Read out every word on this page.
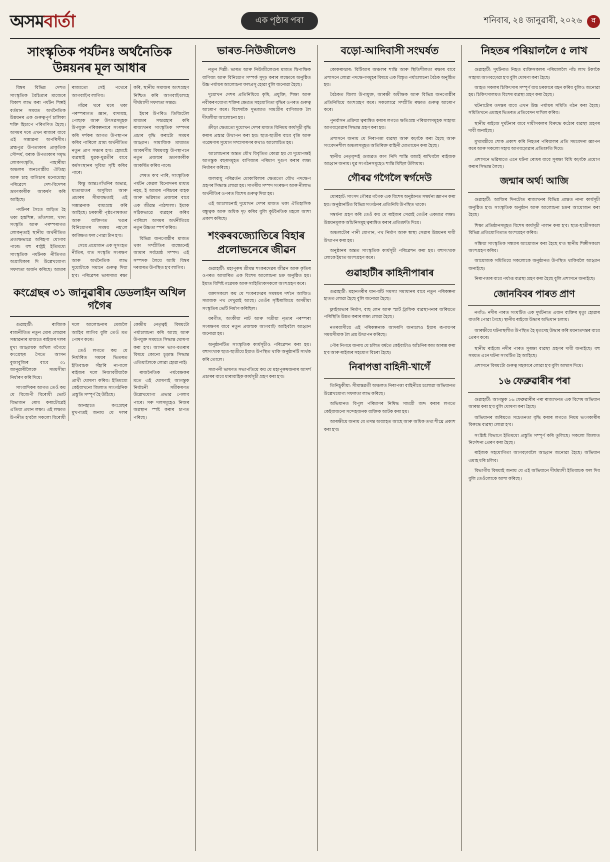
অসমবাৰ্তা	এক পৃষ্ঠাৰ পৰা	শনিবাৰ, ২৪ জানুৱাৰী, ২০২৬	ꠛ
সাংস্কৃতিক পৰ্যটনঃ অৰ্থনৈতিক উন্নয়নৰ মূল আধাৰ

বিশ্বৰ বিভিন্ন দেশত সাংস্কৃতিক বৈচিত্ৰ্যৰ মাজেৰে বিকাশ লাভ কৰা পৰ্যটন শিল্পই বৰ্তমান সময়ত অৰ্থনৈতিক উন্নয়নৰ এক গুৰুত্বপূৰ্ণ চালিকা শক্তি হিচাপে পৰিগণিত হৈছে। অসমৰ দৰে এখন ৰাজ্যৰ বাবে এই সম্ভাৱনা অপৰিসীম। ব্ৰহ্মপুত্ৰ উপত্যকাৰ প্ৰাকৃতিক সৌন্দৰ্য, বৰাক উপত্যকাৰ সমৃদ্ধ লোকসংস্কৃতি, পাহাৰীয়া অঞ্চলৰ জনগোষ্ঠীয় ঐতিহ্য আৰু চাহ বাগিচাৰ মনোমোহা পৰিৱেশে দেশ-বিদেশৰ ভ্ৰমণকাৰীক আকৰ্ষণ কৰি আহিছে।

পৰ্যটনৰ সৈতে জড়িত হৈ থকা হস্তশিল্প, তাঁতশাল, খাদ্য সংস্কৃতি আৰু পৰম্পৰাগত লোকনৃত্যই স্থানীয় অৰ্থনীতিত প্ৰত্যক্ষভাৱে অৰিহণা যোগাব পাৰে। বহু ৰাষ্ট্ৰই ইতিমধ্যে সাংস্কৃতিক পৰ্যটনক নীতিগত অগ্ৰাধিকাৰ দি উল্লেখযোগ্য সফলতা অৰ্জন কৰিছে। আমাৰ ৰাজ্যতো সেই পথেৰে আগবাঢ়িব লাগিব।

গাঁৱৰ ঘৰে ঘৰে থকা পৰম্পৰাগত জ্ঞান, বাদ্যযন্ত্ৰ, পোছাক আৰু উৎসৱসমূহক উপযুক্ত পৰিকল্পনাৰে সংৰক্ষণ কৰি দৰ্শকৰ আগত উপস্থাপন কৰিব পাৰিলে গ্ৰাম্য অৰ্থনীতিত নতুন প্ৰাণ সঞ্চাৰ হ'ব। হোমষ্টে ব্যৱস্থাই যুৱক-যুৱতীৰ বাবে কৰ্মসংস্থানৰ সুবিধা সৃষ্টি কৰিব পাৰে।

কিন্তু আন্তঃগাঁথনিৰ অভাৱ, যাতায়াতৰ অসুবিধা আৰু প্ৰচাৰৰ সীমাবদ্ধতাই এই সম্ভাৱনাক বাধাগ্ৰস্ত কৰি আহিছে। চৰকাৰী পৃষ্ঠপোষকতা আৰু ব্যক্তিগত খণ্ডৰ বিনিয়োগৰ সমন্বয় নহ'লে কাঙ্ক্ষিত ফল পোৱা টান হ'ব।

সেয়ে প্ৰয়োজন এক সুসংহত নীতিৰ, য'ত সংস্কৃতি সংৰক্ষণ আৰু অৰ্থনৈতিক লাভ দুয়োটাকে সমানে গুৰুত্ব দিয়া হ'ব। পৰিৱেশৰ ভাৰসাম্য ৰক্ষা কৰি, স্থানীয় সমাজৰ অংশগ্ৰহণ নিশ্চিত কৰি আগবাঢ়িলেহে দীৰ্ঘম্যাদী সফলতা সম্ভৱ।

ইয়াৰ উপৰিও ডিজিটেল মাধ্যমৰ সদ্ব্যৱহাৰ কৰি ৰাজ্যখনৰ সাংস্কৃতিক সম্পদৰ প্ৰচাৰ বৃদ্ধি কৰাটো সময়ৰ আহ্বান। সামাজিক মাধ্যমত আকৰ্ষণীয় বিষয়বস্তু উপস্থাপনে নতুন প্ৰজন্মৰ ভ্ৰমণকাৰীক আকৰ্ষিত কৰিব পাৰে।

শেষত ক'ব পাৰি, সাংস্কৃতিক পৰ্যটন কেৱল বিনোদনৰ মাধ্যম নহয়, ই আমাৰ পৰিচয়ৰ বাহক আৰু ভৱিষ্যত প্ৰজন্মৰ বাবে এক জীৱন্ত পাঠশালা। ইয়াক সঠিকভাৱে ব্যৱহাৰ কৰিব পাৰিলে অসমৰ অৰ্থনীতিয়ে নতুন উচ্চতা স্পৰ্শ কৰিব।

বিভিন্ন জনগোষ্ঠীৰ মাজত থকা সম্প্ৰীতিৰ বান্ধোনেই আমাৰ সৰ্বশ্ৰেষ্ঠ সম্পদ। এই সম্পদক লৈয়ে আমি বিশ্বৰ দৰবাৰত উপস্থিত হ'ব লাগিব।

কংগ্ৰেছৰ ৩১ জানুৱাৰীৰ ডেডলাইন অখিল গগৈৰ

গুৱাহাটী: ৰাজ্যিক ৰাজনীতিত নতুন মোৰ লোৱাৰ সম্ভাৱনাৰ মাজতে ৰাইজৰ দলৰ মুখ্য আহ্বায়ক অখিল গগৈয়ে কংগ্ৰেছৰ সৈতে আসন বুজাবুজিৰ বাবে ৩১ জানুৱাৰীলৈকে সময়সীমা নিৰ্ধাৰণ কৰি দিয়ে।

সাংবাদিকৰ আগত তেওঁ কয় যে বিজেপী বিৰোধী ভোট বিভাজন ৰোধ কৰাটোৱেই এতিয়া প্ৰধান লক্ষ্য। এই লক্ষ্যত উপনীত হ'বলৈ সকলো বিৰোধী দলে আলোচনাৰ মেজলৈ আহিব লাগিব বুলি তেওঁ মত পোষণ কৰে।

তেওঁ লগতে কয় যে নিৰ্ধাৰিত সময়ৰ ভিতৰত ইতিবাচক সঁহাৰি নাপালে ৰাইজৰ দলে নিজাববীয়াকৈ প্ৰাৰ্থী ঘোষণা কৰিব। ইতিমধ্যে কেইবাখনো জিলাত সাংগঠনিক প্ৰস্তুতি সম্পূৰ্ণ হৈ উঠিছে।

আনহাতে কংগ্ৰেছৰ মুখপাত্ৰই জনায় যে দলৰ কেন্দ্ৰীয় নেতৃত্বই বিষয়টো পৰ্যালোচনা কৰি আছে আৰু উপযুক্ত সময়তে সিদ্ধান্ত ঘোষণা কৰা হ'ব। আসন ভাগ-বতৰাৰ বিষয়ে কোনো চূড়ান্ত সিদ্ধান্ত এতিয়ালৈকে লোৱা হোৱা নাই।

ৰাজনৈতিক পৰ্যবেক্ষকৰ মতে এই ঘোষণাই আগন্তুক নিৰ্বাচনী সমীকৰণত উল্লেখযোগ্য প্ৰভাৱ পেলাব পাৰে। সৰু দলসমূহেও নিজৰ অৱস্থান স্পষ্ট কৰাৰ চাপত পৰিছে।

ভাৰত-নিউজীলেণ্ড

নতুন দিল্লী: ভাৰত আৰু নিউজীলেণ্ডৰ মাজত দ্বিপাক্ষিক বাণিজ্য আৰু বিনিয়োগ সম্পৰ্ক সুদৃঢ় কৰাৰ লক্ষ্যেৰে অনুষ্ঠিত উচ্চ পৰ্যায়ৰ আলোচনা ফলপ্ৰসূ হোৱা বুলি জনোৱা হৈছে।

দুয়োখন দেশৰ প্ৰতিনিধিয়ে কৃষি, প্ৰযুক্তি, শিক্ষা আৰু নবীকৰণযোগ্য শক্তিৰ ক্ষেত্ৰত সহযোগিতা বৃদ্ধিৰ ওপৰত গুৰুত্ব আৰোপ কৰে। বিশেষকৈ দুগ্ধজাত সামগ্ৰীৰ বাণিজ্যক লৈ দীঘলীয়া আলোচনা হয়।

ক্ৰীড়া ক্ষেত্ৰতো দুয়োখন দেশৰ মাজত বিনিময় কাৰ্যসূচী বৃদ্ধি কৰাৰ প্ৰস্তাৱ উত্থাপন কৰা হয়। ছাত্ৰ-ছাত্ৰীৰ বাবে বৃত্তি আৰু গৱেষণাৰ সুযোগ সম্প্ৰসাৰণৰ কথাও আলোচিত হয়।

আলোচনাৰ অন্তত যৌথ বিবৃতিত কোৱা হয় যে দুয়োপক্ষই আগন্তুক বছৰসমূহত বাণিজ্যৰ পৰিমাণ দুগুণ কৰাৰ লক্ষ্য নিৰ্ধাৰণ কৰিছে।

জলবায়ু পৰিৱৰ্তন মোকাবিলাৰ ক্ষেত্ৰতো যৌথ পদক্ষেপ গ্ৰহণৰ সিদ্ধান্ত লোৱা হয়। সাগৰীয় সম্পদ সংৰক্ষণ আৰু নীলাভ অৰ্থনীতিৰ ওপৰত বিশেষ গুৰুত্ব দিয়া হয়।

এই আলোচনাই দুয়োখন দেশৰ মাজত থকা ঐতিহাসিক বন্ধুত্বক আৰু অধিক দৃঢ় কৰিব বুলি কূটনৈতিক মহলে আশা প্ৰকাশ কৰিছে।

শংকৰবজ্যোতিৰে বিহাৰ প্ৰলোভনেৰে জীৱন

গুৱাহাটী: মহাপুৰুষ শ্ৰীমন্ত শংকৰদেৱৰ জীৱন আৰু কৃতিৰ ওপৰত আধাৰিত এক বিশেষ আলোচনা চক্ৰ অনুষ্ঠিত হয়। ইয়াত বিশিষ্ট গৱেষক আৰু সাহিত্যিকসকলে অংশগ্ৰহণ কৰে।

বক্তাসকলে কয় যে শংকৰদেৱৰ সমন্বয়ৰ দৰ্শনে আজিও সমাজক পথ দেখুৱাই আছে। তেওঁৰ সৃষ্টিৰাজিয়ে অসমীয়া সংস্কৃতিৰ ভেটি নিৰ্মাণ কৰিছিল।

বৰগীত, অংকীয়া নাট আৰু সত্ৰীয়া নৃত্যৰ পৰম্পৰা সংৰক্ষণৰ বাবে নতুন প্ৰজন্মক আগবাঢ়ি আহিবলৈ আহ্বান জনোৱা হয়।

অনুষ্ঠানটিত সাংস্কৃতিক কাৰ্যসূচীও পৰিৱেশন কৰা হয়। বহুসংখ্যক ছাত্ৰ-ছাত্ৰীয়ে ইয়াত উপস্থিত থাকি অনুষ্ঠানটি সাৰ্থক কৰি তোলে।

সমাপনী ভাষণত সভাপতিয়ে কয় যে মহাপুৰুষজনাৰ আদৰ্শ প্ৰচাৰৰ বাবে ধাৰাবাহিক কাৰ্যসূচী গ্ৰহণ কৰা হ'ব।

বড়ো-আদিবাসী সংঘৰ্ষত

কোকৰাঝাৰ: বিটিআৰ অঞ্চলৰ শান্তি আৰু স্থিতিশীলতা ৰক্ষাৰ বাবে প্ৰশাসনে লোৱা পদক্ষেপসমূহৰ বিষয়ে এক বিস্তৃত পৰ্যালোচনা বৈঠক অনুষ্ঠিত হয়।

বৈঠকত জিলা উপায়ুক্ত, আৰক্ষী অধীক্ষক আৰু বিভিন্ন জনগোষ্ঠীৰ প্ৰতিনিধিয়ে অংশগ্ৰহণ কৰে। সকলোৱে সম্প্ৰীতি ৰক্ষাত গুৰুত্ব আৰোপ কৰে।

পুনৰ্বাসন প্ৰক্ৰিয়া ত্বৰান্বিত কৰাৰ লগতে ক্ষতিগ্ৰস্ত পৰিয়ালসমূহক সাহায্য আগবঢ়োৱাৰ সিদ্ধান্ত গ্ৰহণ কৰা হয়।

প্ৰশাসনে জনায় যে নিৰাপত্তা ব্যৱস্থা আৰু কঢ়াকৈ কৰা হৈছে আৰু সংবেদনশীল অঞ্চলসমূহত অতিৰিক্ত বাহিনী মোতায়েন কৰা হৈছে।

স্থানীয় নেতৃবৃন্দই গুজৱত কাণ নিদি শান্তি বজাই ৰাখিবলৈ ৰাইজক আহ্বান জনায়। যুৱ সংগঠনসমূহেও শান্তি মিছিল উলিয়ায়।

গৌৰৱ গগৈলৈ স্বৰ্গদেউ

যোৰহাট: সাংসদ গৌৰৱ গগৈক এক বিশেষ অনুষ্ঠানত সম্বৰ্ধনা জ্ঞাপন কৰা হয়। অনুষ্ঠানটিত বিভিন্ন সংগঠনৰ প্ৰতিনিধি উপস্থিত থাকে।

সম্বৰ্ধনা গ্ৰহণ কৰি তেওঁ কয় যে ৰাইজৰ সেৱাই তেওঁৰ একমাত্ৰ লক্ষ্য। উন্নয়নমূলক আঁচনিসমূহ ত্বৰান্বিত কৰাৰ প্ৰতিশ্ৰুতি দিয়ে।

অঞ্চলটোৰ পানী যোগান, পথ নিৰ্মাণ আৰু স্বাস্থ্য সেৱাৰ উন্নয়নৰ দাবী উত্থাপন কৰা হয়।

অনুষ্ঠানৰ অন্তত সাংস্কৃতিক কাৰ্যসূচী পৰিৱেশন কৰা হয়। বহুসংখ্যক লোকে ইয়াত অংশগ্ৰহণ কৰে।

গুৱাহাটীৰ কাহিনীপাৰাৰ

গুৱাহাটী: মহানগৰীৰ যান-জঁট সমস্যা সমাধানৰ বাবে নতুন পৰিকল্পনা হাতত লোৱা হৈছে বুলি জনোৱা হৈছে।

ফ্লাইঅভাৰ নিৰ্মাণ, বাছ লেন আৰু স্মাৰ্ট ট্ৰাফিক ব্যৱস্থাপনাৰ জৰিয়তে পৰিস্থিতি উন্নত কৰাৰ লক্ষ্য লোৱা হৈছে।

নগৰবাসীয়ে এই পৰিকল্পনাক আদৰণি জনালেও ইয়াৰ ৰূপায়ণৰ সময়সীমাক লৈ প্ৰশ্ন উত্থাপন কৰিছে।

পৌৰ নিগমে জনায় যে চলিত বৰ্ষতে কেইবাটাও আঁচনিৰ কাম আৰম্ভ কৰা হ'ব আৰু ৰাইজৰ সহযোগ বিচৰা হৈছে।

নিৰাপত্তা বাহিনী-খাগেঁ

তিনিচুকীয়া: সীমান্তৱৰ্তী অঞ্চলত নিৰাপত্তা বাহিনীয়ে চলোৱা অভিযানত উল্লেখযোগ্য সফলতা লাভ কৰিছে।

অভিযানত বিপুল পৰিমাণৰ নিষিদ্ধ সামগ্ৰী জব্দ কৰাৰ লগতে কেইবাজনো সন্দেহজনক ব্যক্তিক আটক কৰা হয়।

আৰক্ষীয়ে জনায় যে তদন্ত অব্যাহত আছে আৰু অধিক তথ্য শীঘ্ৰে প্ৰকাশ কৰা হ'ব।

নিহতৰ পৰিয়াললৈ ৫ লাখ

গুৱাহাটী: দুৰ্ঘটনাত নিহত ব্যক্তিসকলৰ পৰিয়াললৈ পাঁচ লাখ টকাকৈ সাহায্য আগবঢ়োৱা হ'ব বুলি ঘোষণা কৰা হৈছে।

আহত সকলৰ চিকিৎসাৰ সম্পূৰ্ণ ব্যয় চৰকাৰে বহন কৰিব বুলিও জনোৱা হয়। চিকিৎসালয়ত বিশেষ ব্যৱস্থা গ্ৰহণ কৰা হৈছে।

ঘটনাটোৰ তদন্তৰ বাবে এখন উচ্চ পৰ্যায়ৰ সমিতি গঠন কৰা হৈছে। সমিতিখনে এমাহৰ ভিতৰত প্ৰতিবেদন দাখিল কৰিব।

স্থানীয় ৰাইজে দুৰ্ঘটনাৰ বাবে দায়ীসকলৰ বিৰুদ্ধে কঠোৰ ব্যৱস্থা গ্ৰহণৰ দাবী জনাইছে।

মুখ্যমন্ত্ৰীয়ে শোক প্ৰকাশ কৰি নিহতৰ পৰিয়ালৰ প্ৰতি সমবেদনা জ্ঞাপন কৰে আৰু সকলো সহায় আগবঢ়োৱাৰ প্ৰতিশ্ৰুতি দিয়ে।

প্ৰশাসনে ভৱিষ্যতে এনে ঘটনা ৰোধৰ বাবে সুৰক্ষা বিধি কঢ়াকৈ প্ৰয়োগ কৰাৰ সিদ্ধান্ত লৈছে।

জন্মাৰ অৰ্থ! আজি

গুৱাহাটী: আজিৰ দিনটোত ৰাজ্যখনৰ বিভিন্ন প্ৰান্তত নানা কাৰ্যসূচী অনুষ্ঠিত হ'ব। সাংস্কৃতিক অনুষ্ঠান আৰু আলোচনা চক্ৰৰ আয়োজন কৰা হৈছে।

শিক্ষা প্ৰতিষ্ঠানসমূহত বিশেষ কাৰ্যসূচী পালন কৰা হ'ব। ছাত্ৰ-ছাত্ৰীসকলে বিভিন্ন প্ৰতিযোগিতাত অংশগ্ৰহণ কৰিব।

সন্ধিয়া সাংস্কৃতিক সন্ধ্যাৰ আয়োজন কৰা হৈছে য'ত স্থানীয় শিল্পীসকলে অংশগ্ৰহণ কৰিব।

আয়োজক সমিতিয়ে সকলোকে অনুষ্ঠানত উপস্থিত থাকিবলৈ আহ্বান জনাইছে।

নিৰাপত্তাৰ বাবে পৰ্যাপ্ত ব্যৱস্থা গ্ৰহণ কৰা হৈছে বুলি প্ৰশাসনে জনাইছে।

জোনবিবৰ পাৰত প্ৰাণ

নগাঁও: নদীৰ পাৰত সংঘটিত এক দুৰ্ঘটনাত এজন ব্যক্তিৰ মৃত্যু হোৱাৰ বাতৰি পোৱা গৈছে। স্থানীয় ৰাইজে উদ্ধাৰ অভিযান চলায়।

আৰক্ষীয়ে ঘটনাস্থলীত উপস্থিত হৈ মৃতদেহ উদ্ধাৰ কৰি ময়নাতদন্তৰ বাবে প্ৰেৰণ কৰে।

স্থানীয় ৰাইজে নদীৰ পাৰত সুৰক্ষা ব্যৱস্থা গ্ৰহণৰ দাবী জনাইছে। বহু সময়ত এনে ঘটনা সংঘটিত হৈ আহিছে।

প্ৰশাসনে বিষয়টো গুৰুত্ব সহকাৰে লোৱা হ'ব বুলি আশ্বাস দিয়ে।

১৬ ফেব্ৰুৱাৰীৰ পৰা

গুৱাহাটী: আগন্তুক ১৬ ফেব্ৰুৱাৰীৰ পৰা ৰাজ্যখনত এক বিশেষ অভিযান আৰম্ভ কৰা হ'ব বুলি ঘোষণা কৰা হৈছে।

অভিযানৰ জৰিয়তে সচেতনতা বৃদ্ধি কৰাৰ লগতে নিয়ম ভংগকাৰীৰ বিৰুদ্ধে ব্যৱস্থা লোৱা হ'ব।

সংশ্লিষ্ট বিভাগে ইতিমধ্যে প্ৰস্তুতি সম্পূৰ্ণ কৰি তুলিছে। সকলো জিলাত নিৰ্দেশনা প্ৰেৰণ কৰা হৈছে।

ৰাইজক সহযোগিতা আগবঢ়াবলৈ আহ্বান জনোৱা হৈছে। অভিযান এমাহ ধৰি চলিব।

বিভাগীয় বিষয়াই জনায় যে এই অভিযানে দীৰ্ঘম্যাদী ইতিবাচক ফল দিব বুলি তেওঁলোকে আশা কৰিছে।
